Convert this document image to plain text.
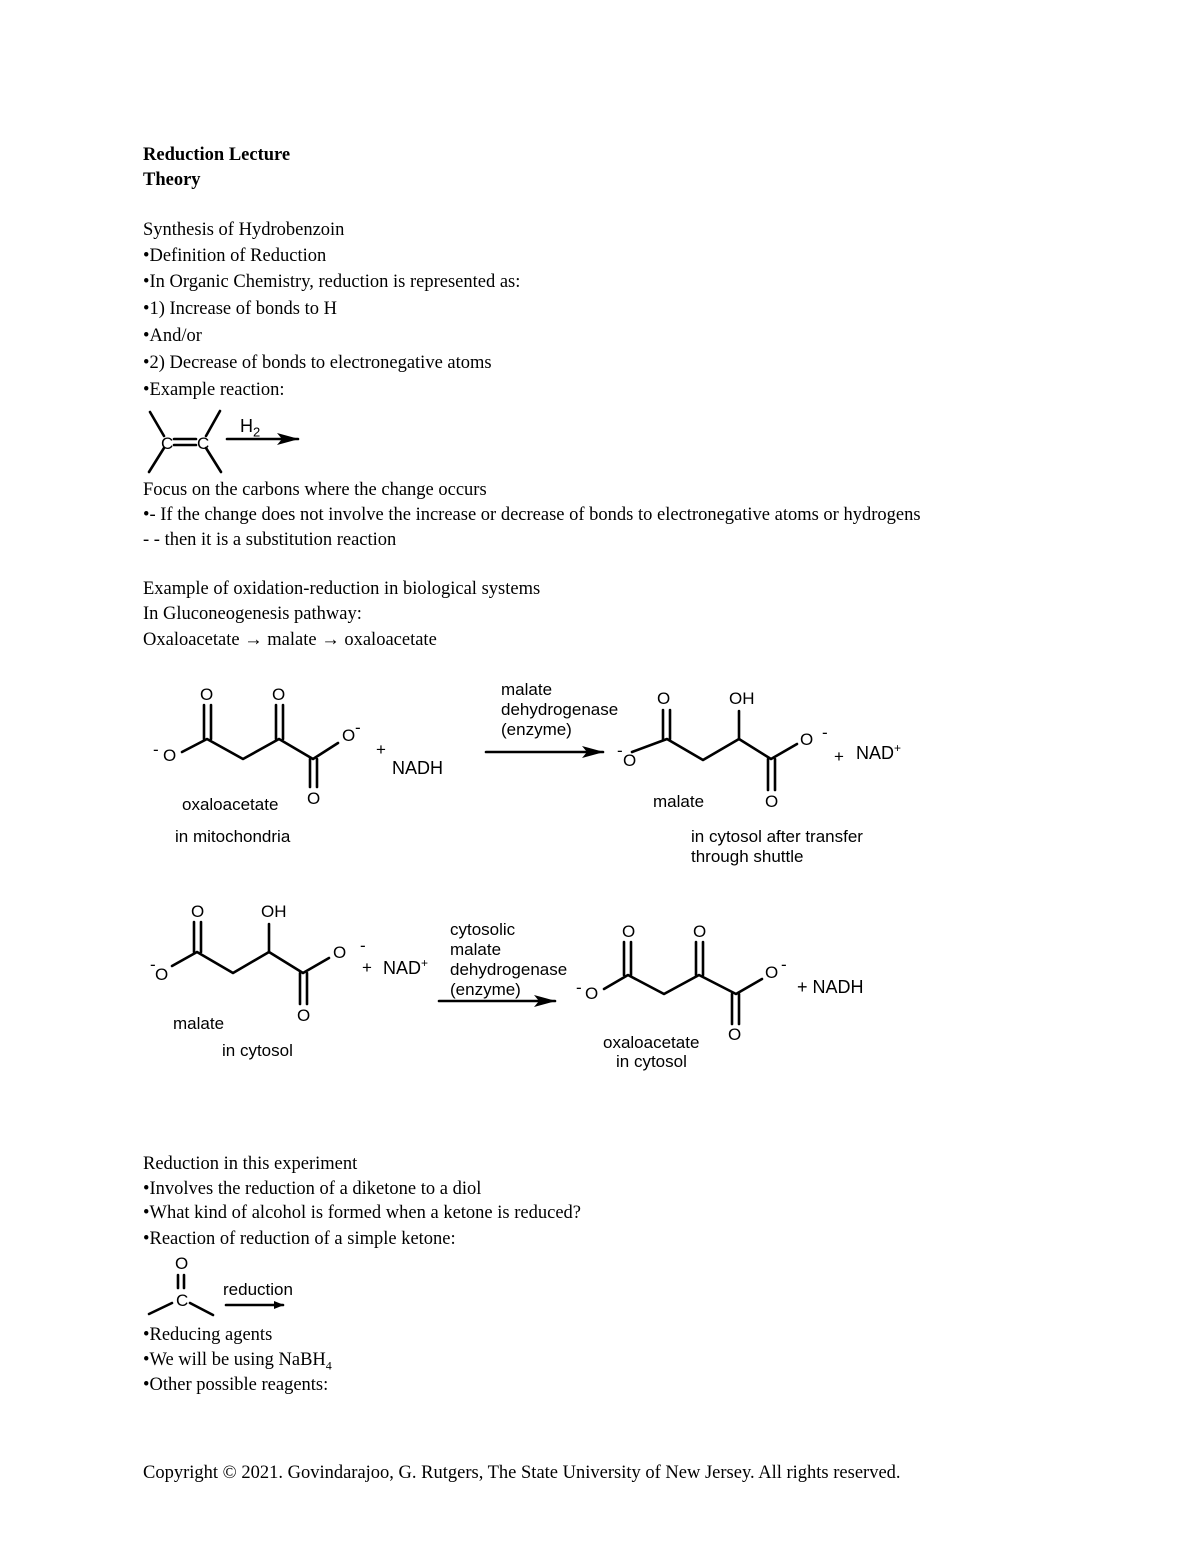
Reduction Lecture
Theory
Synthesis of Hydrobenzoin
•Definition of Reduction
•In Organic Chemistry, reduction is represented as:
•1) Increase of bonds to H
•And/or
•2) Decrease of bonds to electronegative atoms
•Example reaction:
C C
$H_2$
Focus on the carbons where the change occurs
•- If the change does not involve the increase or decrease of bonds to electronegative atoms or hydrogens
- - then it is a substitution reaction
Example of oxidation-reduction in biological systems
In Gluconeogenesis pathway:
Oxaloacetate → malate → oxaloacetate
O	O
- O
O -
O
+
NADH
oxaloacetate
in mitochondria
malate
dehydrogenase
(enzyme)
O	OH
-
O
O -
O
+ NAD+
malate
in cytosol after transfer
through shuttle
O	OH
-
O
O -
O
+ NAD+
malate
in cytosol
cytosolic
malate
dehydrogenase
(enzyme)
O	O
- O
O -
O
+ NADH
oxaloacetate
in cytosol
Reduction in this experiment
•Involves the reduction of a diketone to a diol
•What kind of alcohol is formed when a ketone is reduced?
•Reaction of reduction of a simple ketone:
O
C
reduction
•Reducing agents
•We will be using NaBH$_4$
•Other possible reagents:
Copyright © 2021. Govindarajoo, G. Rutgers, The State University of New Jersey. All rights reserved.
